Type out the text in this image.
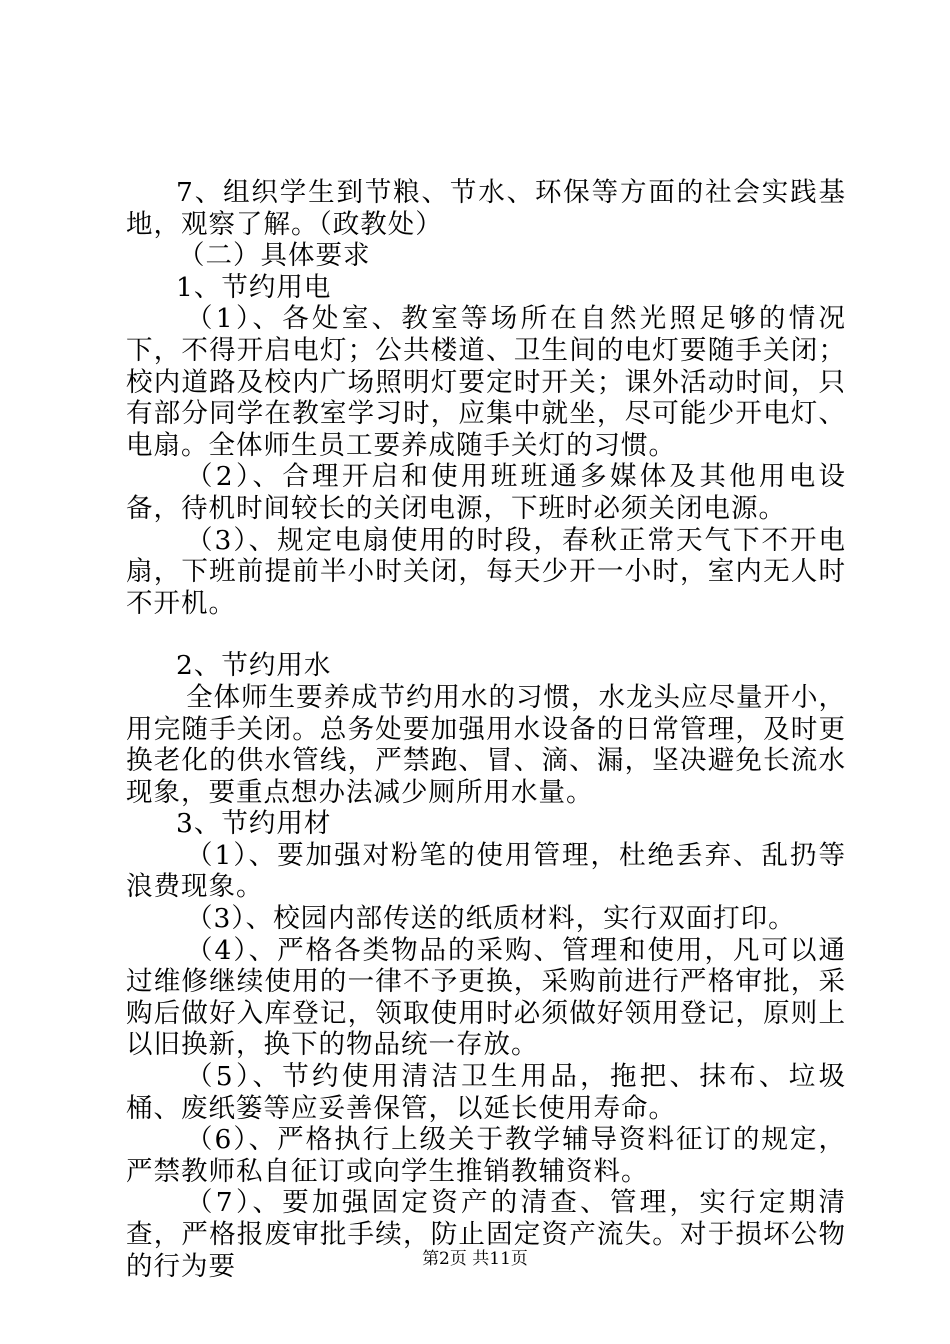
7、组织学生到节粮、节水、环保等方面的社会实践基地，观察了解。（政教处）

（二）具体要求

1、节约用电

（1）、各处室、教室等场所在自然光照足够的情况下，不得开启电灯；公共楼道、卫生间的电灯要随手关闭；校内道路及校内广场照明灯要定时开关；课外活动时间，只有部分同学在教室学习时，应集中就坐，尽可能少开电灯、电扇。全体师生员工要养成随手关灯的习惯。

（2）、合理开启和使用班班通多媒体及其他用电设备，待机时间较长的关闭电源，下班时必须关闭电源。

（3）、规定电扇使用的时段，春秋正常天气下不开电扇，下班前提前半小时关闭，每天少开一小时，室内无人时不开机。

2、节约用水

全体师生要养成节约用水的习惯，水龙头应尽量开小，用完随手关闭。总务处要加强用水设备的日常管理，及时更换老化的供水管线，严禁跑、冒、滴、漏，坚决避免长流水现象，要重点想办法减少厕所用水量。

3、节约用材

（1）、要加强对粉笔的使用管理，杜绝丢弃、乱扔等浪费现象。

（3）、校园内部传送的纸质材料，实行双面打印。

（4）、严格各类物品的采购、管理和使用，凡可以通过维修继续使用的一律不予更换，采购前进行严格审批，采购后做好入库登记，领取使用时必须做好领用登记，原则上以旧换新，换下的物品统一存放。

（5）、节约使用清洁卫生用品，拖把、抹布、垃圾桶、废纸篓等应妥善保管，以延长使用寿命。

（6）、严格执行上级关于教学辅导资料征订的规定，严禁教师私自征订或向学生推销教辅资料。

（7）、要加强固定资产的清查、管理，实行定期清查，严格报废审批手续，防止固定资产流失。对于损坏公物的行为要	第2页 共11页
